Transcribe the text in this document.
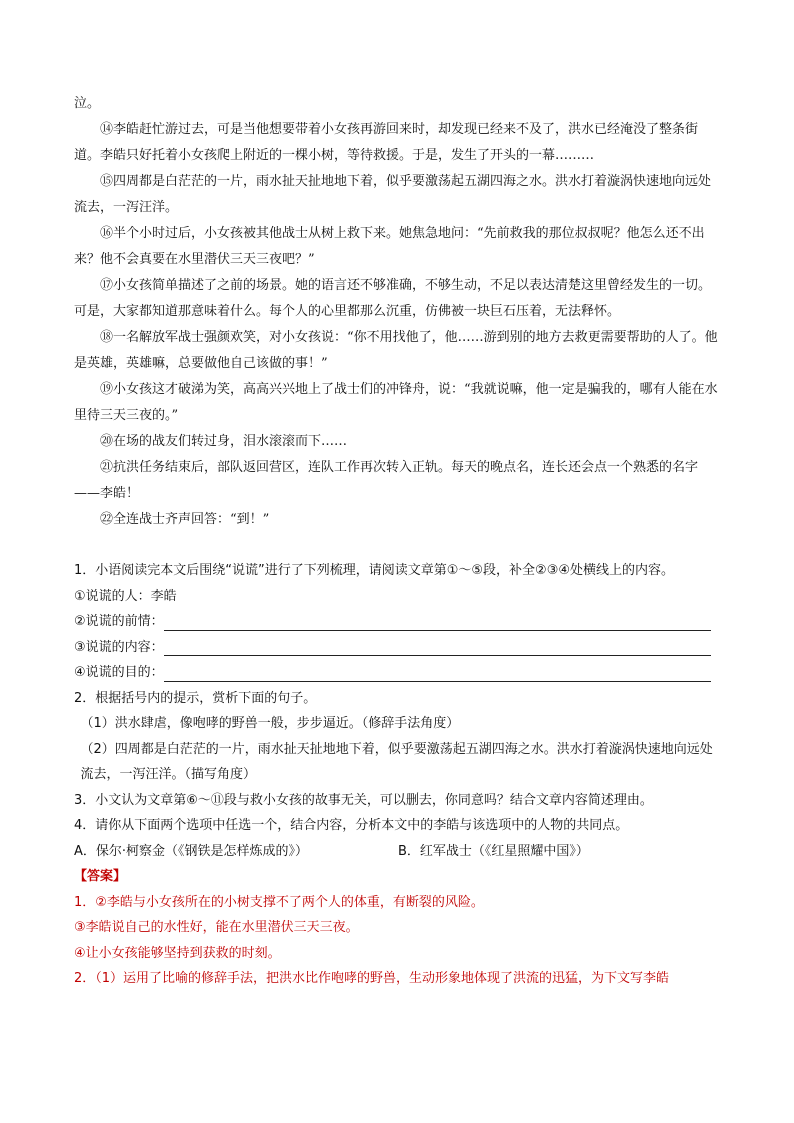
泣。

⑭李皓赶忙游过去，可是当他想要带着小女孩再游回来时，却发现已经来不及了，洪水已经淹没了整条街道。李皓只好托着小女孩爬上附近的一棵小树，等待救援。于是，发生了开头的一幕………

⑮四周都是白茫茫的一片，雨水扯天扯地地下着，似乎要激荡起五湖四海之水。洪水打着漩涡快速地向远处流去，一泻汪洋。

⑯半个小时过后，小女孩被其他战士从树上救下来。她焦急地问：“先前救我的那位叔叔呢？他怎么还不出来？他不会真要在水里潜伏三天三夜吧？”

⑰小女孩简单描述了之前的场景。她的语言还不够准确，不够生动，不足以表达清楚这里曾经发生的一切。可是，大家都知道那意味着什么。每个人的心里都那么沉重，仿佛被一块巨石压着，无法释怀。

⑱一名解放军战士强颜欢笑，对小女孩说：“你不用找他了，他……游到别的地方去救更需要帮助的人了。他是英雄，英雄嘛，总要做他自己该做的事！”

⑲小女孩这才破涕为笑，高高兴兴地上了战士们的冲锋舟，说：“我就说嘛，他一定是骗我的，哪有人能在水里待三天三夜的。”

⑳在场的战友们转过身，泪水滚滚而下……

㉑抗洪任务结束后，部队返回营区，连队工作再次转入正轨。每天的晚点名，连长还会点一个熟悉的名字——李皓！

㉒全连战士齐声回答：“到！”

1．小语阅读完本文后围绕“说谎”进行了下列梳理，请阅读文章第①～⑤段，补全②③④处横线上的内容。

①说谎的人：李皓

②说谎的前情：
③说谎的内容：
④说谎的目的：

2．根据括号内的提示，赏析下面的句子。

（1）洪水肆虐，像咆哮的野兽一般，步步逼近。（修辞手法角度）

（2）四周都是白茫茫的一片，雨水扯天扯地地下着，似乎要激荡起五湖四海之水。洪水打着漩涡快速地向远处流去，一泻汪洋。（描写角度）

3．小文认为文章第⑥～⑪段与救小女孩的故事无关，可以删去，你同意吗？结合文章内容简述理由。

4．请你从下面两个选项中任选一个，结合内容，分析本文中的李皓与该选项中的人物的共同点。

A．保尔·柯察金（《钢铁是怎样炼成的》）	B．红军战士（《红星照耀中国》）

【答案】

1．②李皓与小女孩所在的小树支撑不了两个人的体重，有断裂的风险。

③李皓说自己的水性好，能在水里潜伏三天三夜。

④让小女孩能够坚持到获救的时刻。

2．（1）运用了比喻的修辞手法，把洪水比作咆哮的野兽，生动形象地体现了洪流的迅猛，为下文写李皓
